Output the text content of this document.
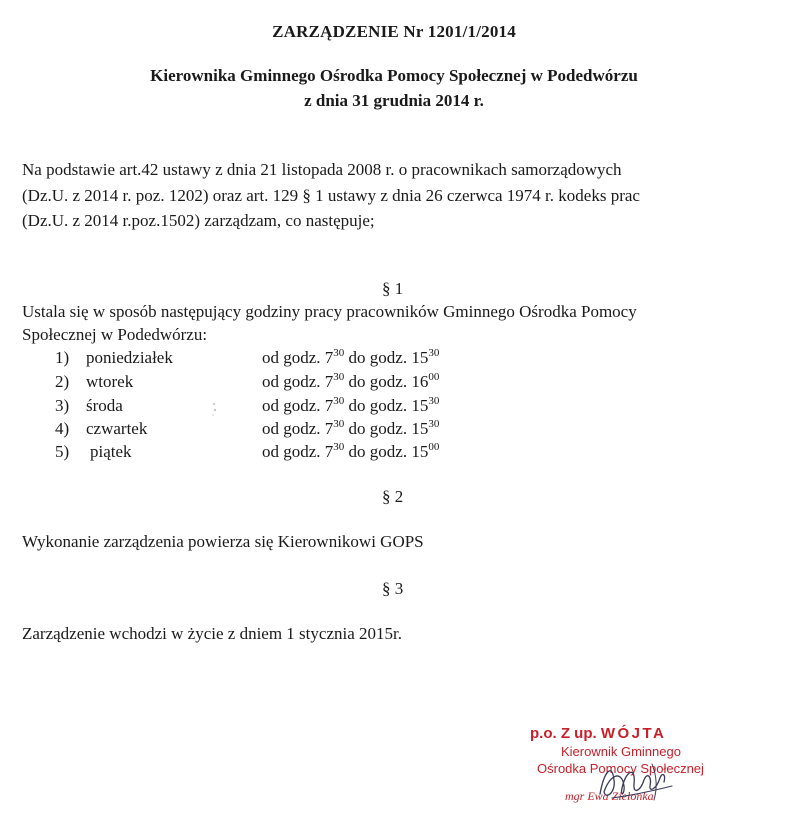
ZARZĄDZENIE Nr 1201/1/2014
Kierownika Gminnego Ośrodka Pomocy Społecznej w Podedwórzu
z dnia 31 grudnia 2014 r.
Na podstawie art.42 ustawy z dnia 21 listopada 2008 r. o pracownikach samorządowych
(Dz.U. z 2014 r. poz. 1202) oraz art. 129 § 1 ustawy z dnia 26 czerwca 1974 r. kodeks prac
(Dz.U. z 2014 r.poz.1502) zarządzam, co następuje;
§ 1
Ustala się w sposób następujący godziny pracy pracowników Gminnego Ośrodka Pomocy
Społecznej w Podedwórzu:
1) poniedziałek	od godz. $7^{30}$ do godz. $15^{30}$
2) wtorek	od godz. $7^{30}$ do godz. $16^{00}$
3) środa	od godz. $7^{30}$ do godz. $15^{30}$
4) czwartek	od godz. $7^{30}$ do godz. $15^{30}$
5) piątek	od godz. $7^{30}$ do godz. $15^{00}$
§ 2
Wykonanie zarządzenia powierza się Kierownikowi GOPS
§ 3
Zarządzenie wchodzi w życie z dniem 1 stycznia 2015r.
p.o. Z up. WÓJTA
Kierownik Gminnego
Ośrodka Pomocy Społecznej
mgr Ewa Zielonka
